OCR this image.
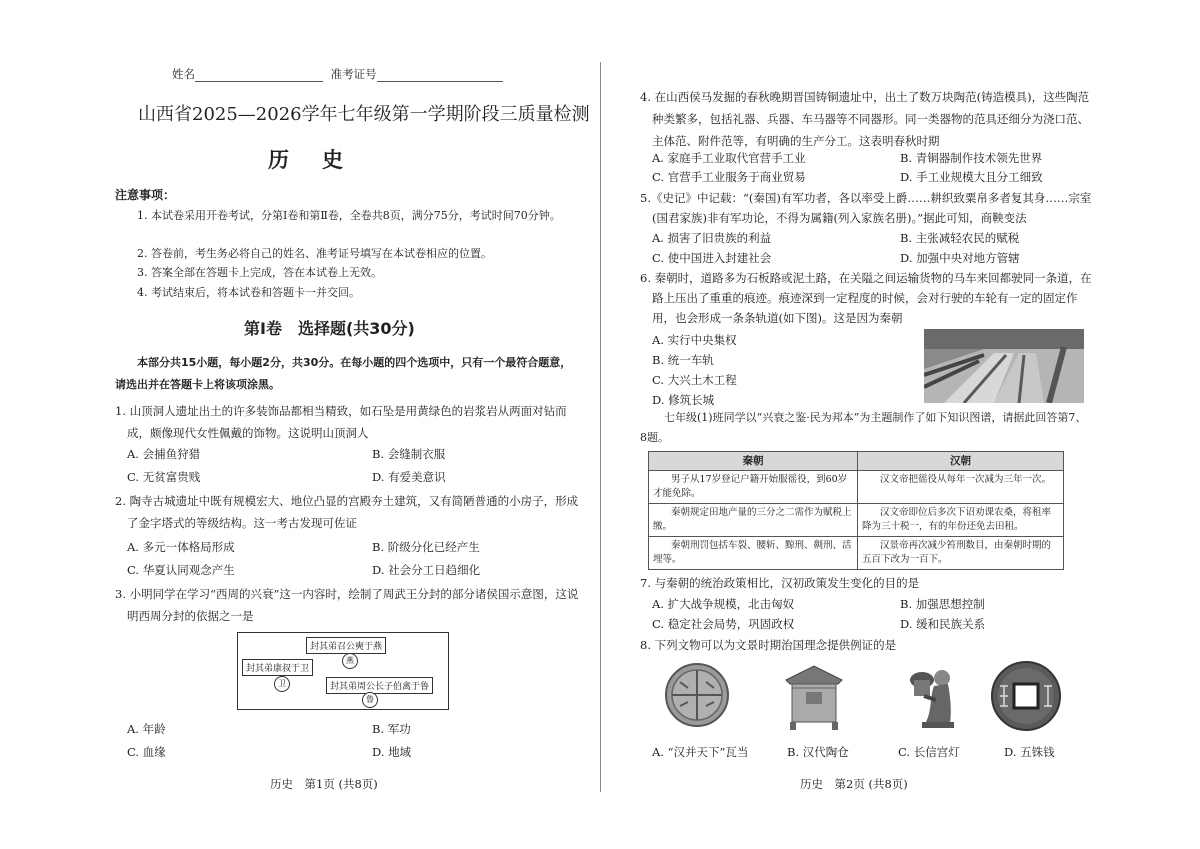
姓名	准考证号
山西省2025—2026学年七年级第一学期阶段三质量检测
历　史
注意事项：
1. 本试卷采用开卷考试，分第Ⅰ卷和第Ⅱ卷，全卷共8页，满分75分，考试时间70分钟。
2. 答卷前，考生务必将自己的姓名、准考证号填写在本试卷相应的位置。
3. 答案全部在答题卡上完成，答在本试卷上无效。
4. 考试结束后，将本试卷和答题卡一并交回。
第Ⅰ卷　选择题(共30分)
本部分共15小题，每小题2分，共30分。在每小题的四个选项中，只有一个最符合题意，请选出并在答题卡上将该项涂黑。
1. 山顶洞人遗址出土的许多装饰品都相当精致，如石坠是用黄绿色的岩浆岩从两面对钻而成，颇像现代女性佩戴的饰物。这说明山顶洞人
A. 会捕鱼狩猎	B. 会缝制衣服
C. 无贫富贵贱	D. 有爱美意识
2. 陶寺古城遗址中既有规模宏大、地位凸显的宫殿夯土建筑，又有简陋普通的小房子，形成了金字塔式的等级结构。这一考古发现可佐证
A. 多元一体格局形成	B. 阶级分化已经产生
C. 华夏认同观念产生	D. 社会分工日趋细化
3. 小明同学在学习“西周的兴衰”这一内容时，绘制了周武王分封的部分诸侯国示意图，这说明西周分封的依据之一是
封其弟召公奭于燕
燕
封其弟康叔于卫
卫	封其弟周公长子伯禽于鲁
鲁
A. 年龄	B. 军功
C. 血缘	D. 地域
历史　第1页 (共8页)
4. 在山西侯马发掘的春秋晚期晋国铸铜遗址中，出土了数万块陶范(铸造模具)，这些陶范种类繁多，包括礼器、兵器、车马器等不同器形。同一类器物的范具还细分为浇口范、主体范、附件范等，有明确的生产分工。这表明春秋时期
A. 家庭手工业取代官营手工业	B. 青铜器制作技术领先世界
C. 官营手工业服务于商业贸易	D. 手工业规模大且分工细致
5.《史记》中记载：“(秦国)有军功者，各以率受上爵……耕织致粟帛多者复其身……宗室(国君家族)非有军功论，不得为属籍(列入家族名册)。”据此可知，商鞅变法
A. 损害了旧贵族的利益	B. 主张减轻农民的赋税
C. 使中国进入封建社会	D. 加强中央对地方管辖
6. 秦朝时，道路多为石板路或泥土路，在关隘之间运输货物的马车来回都驶同一条道，在路上压出了重重的痕迹。痕迹深到一定程度的时候，会对行驶的车轮有一定的固定作用，也会形成一条条轨道(如下图)。这是因为秦朝
A. 实行中央集权
B. 统一车轨
C. 大兴土木工程
D. 修筑长城
七年级(1)班同学以“兴衰之鉴·民为邦本”为主题制作了如下知识图谱，请据此回答第7、8题。
秦朝	汉朝
男子从17岁登记户籍开始服徭役，到60岁才能免除。	汉文帝把徭役从每年一次减为三年一次。
秦朝规定田地产量的三分之二需作为赋税上缴。	汉文帝即位后多次下诏劝课农桑，将租率降为三十税一，有的年份还免去田租。
秦朝刑罚包括车裂、腰斩、黥刑、劓刑、活埋等。	汉景帝再次减少笞刑数目，由秦朝时期的五百下改为一百下。
7. 与秦朝的统治政策相比，汉初政策发生变化的目的是
A. 扩大战争规模，北击匈奴	B. 加强思想控制
C. 稳定社会局势，巩固政权	D. 缓和民族关系
8. 下列文物可以为文景时期治国理念提供例证的是
A. “汉并天下”瓦当	B. 汉代陶仓	C. 长信宫灯	D. 五铢钱
历史　第2页 (共8页)
